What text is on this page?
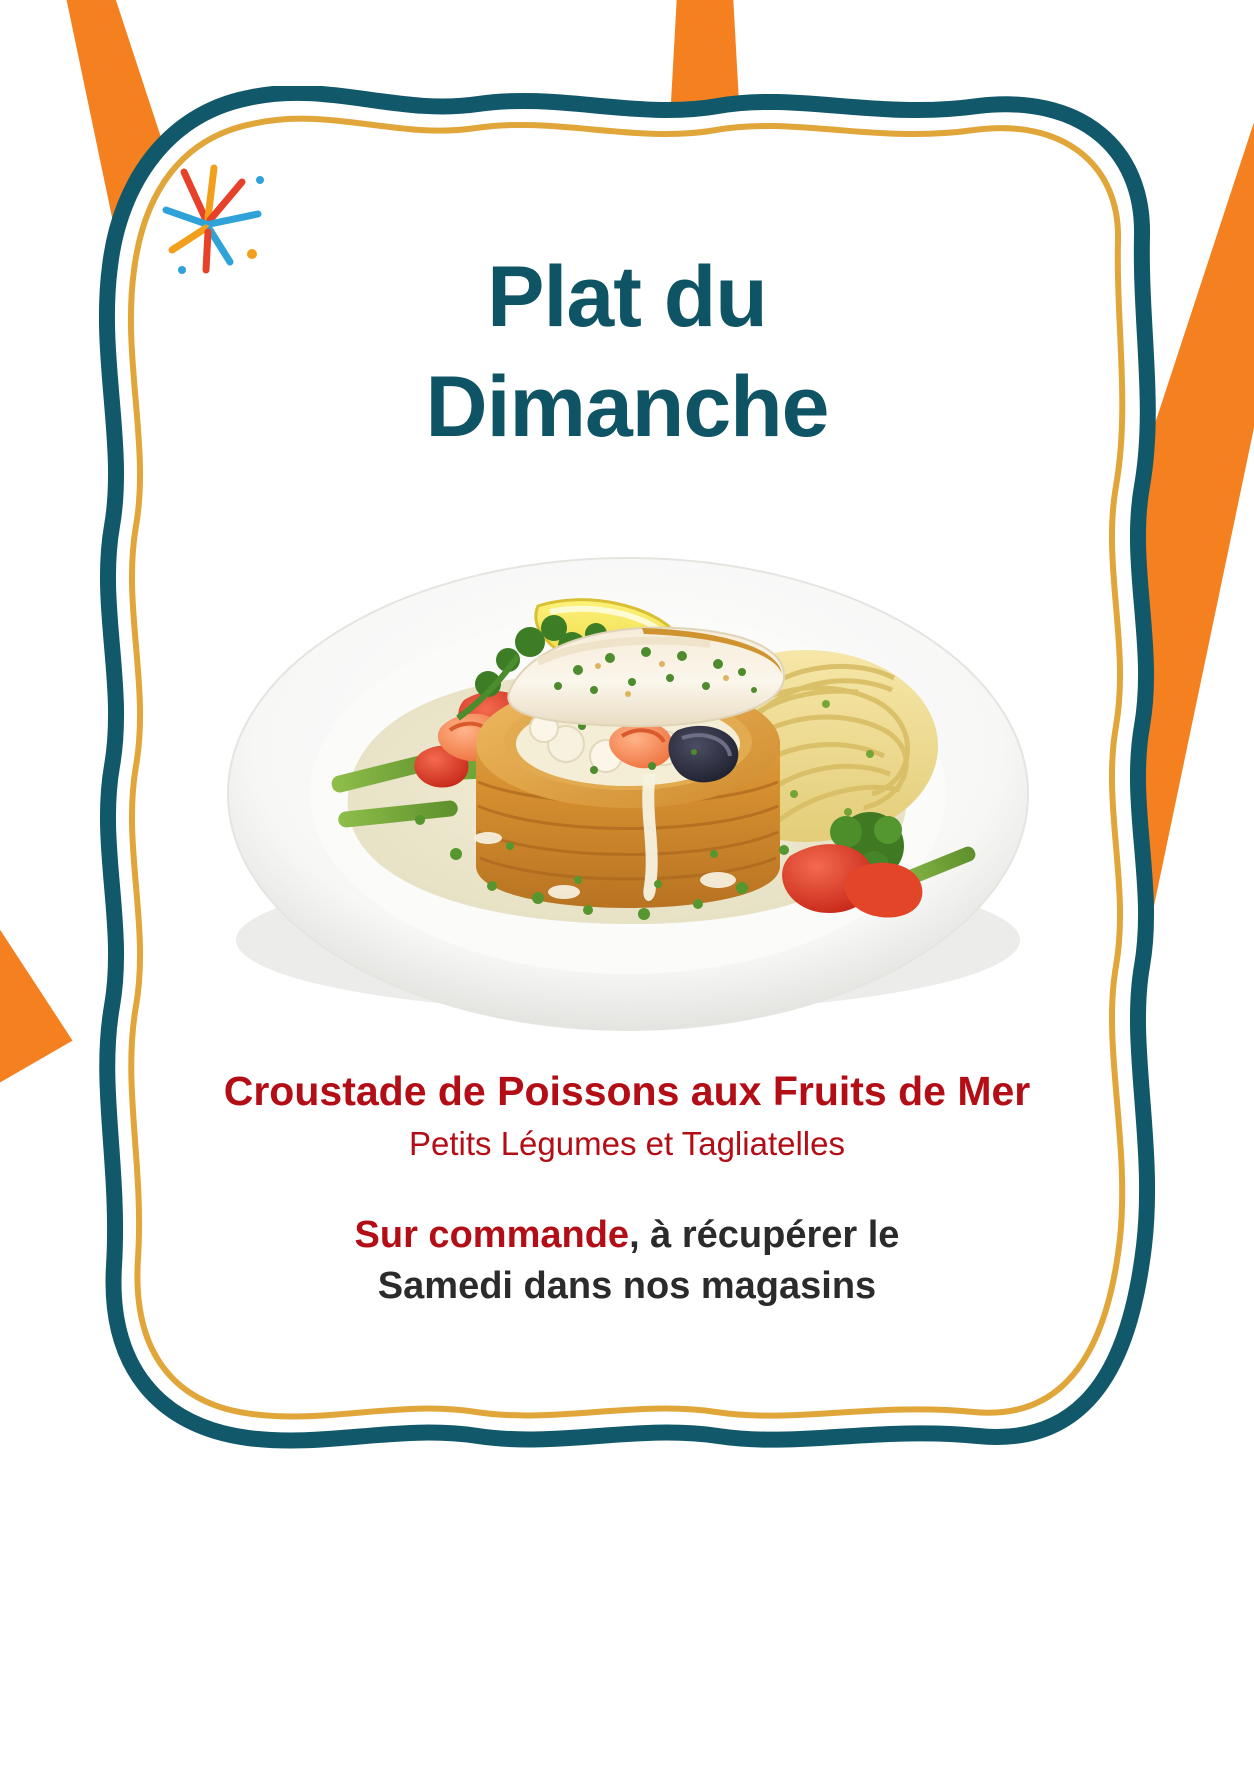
Plat du
Dimanche
Croustade de Poissons aux Fruits de Mer
Petits Légumes et Tagliatelles
Sur commande, à récupérer le
Samedi dans nos magasins
